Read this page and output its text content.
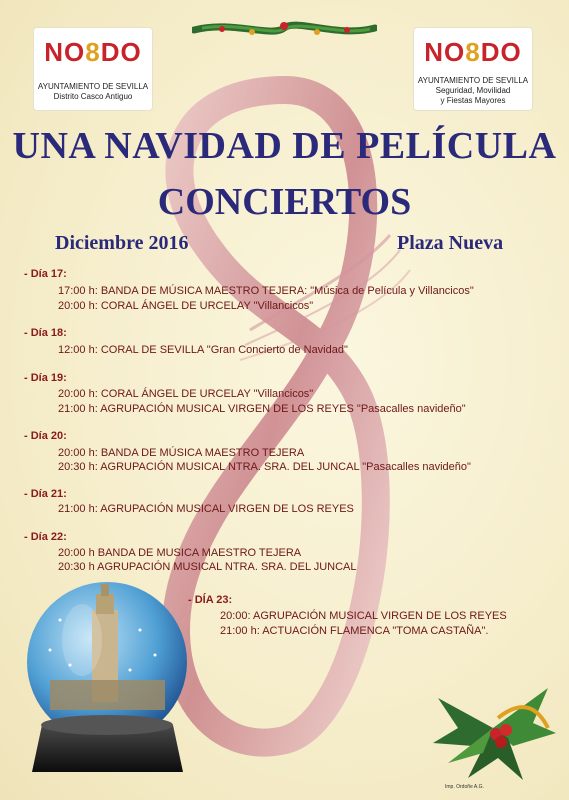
NO8DO
AYUNTAMIENTO DE SEVILLA
Distrito Casco Antiguo
NO8DO
AYUNTAMIENTO DE SEVILLA
Seguridad, Movilidad
y Fiestas Mayores
UNA NAVIDAD DE PELÍCULA
CONCIERTOS
Diciembre 2016	Plaza Nueva
- Día 17:
17:00 h: BANDA DE MÚSICA MAESTRO TEJERA: "Música de Película y Villancicos"
20:00 h: CORAL ÁNGEL DE URCELAY "Villancicos"
- Día 18:
12:00 h: CORAL DE SEVILLA "Gran Concierto de Navidad"
- Día 19:
20:00 h: CORAL ÁNGEL DE URCELAY "Villancicos"
21:00 h: AGRUPACIÓN MUSICAL VIRGEN DE LOS REYES "Pasacalles navideño"
- Día 20:
20:00 h: BANDA DE MÚSICA MAESTRO TEJERA
20:30 h: AGRUPACIÓN MUSICAL NTRA. SRA. DEL JUNCAL "Pasacalles navideño"
- Día 21:
21:00 h: AGRUPACIÓN MUSICAL VIRGEN DE LOS REYES
- Día 22:
20:00 h BANDA DE MUSICA MAESTRO TEJERA
20:30 h AGRUPACIÓN MUSICAL NTRA. SRA. DEL JUNCAL
- DÍA 23:
20:00: AGRUPACIÓN MUSICAL VIRGEN DE LOS REYES
21:00 h: ACTUACIÓN FLAMENCA "TOMA CASTAÑA".
Imp. Ordoñe A.G.
